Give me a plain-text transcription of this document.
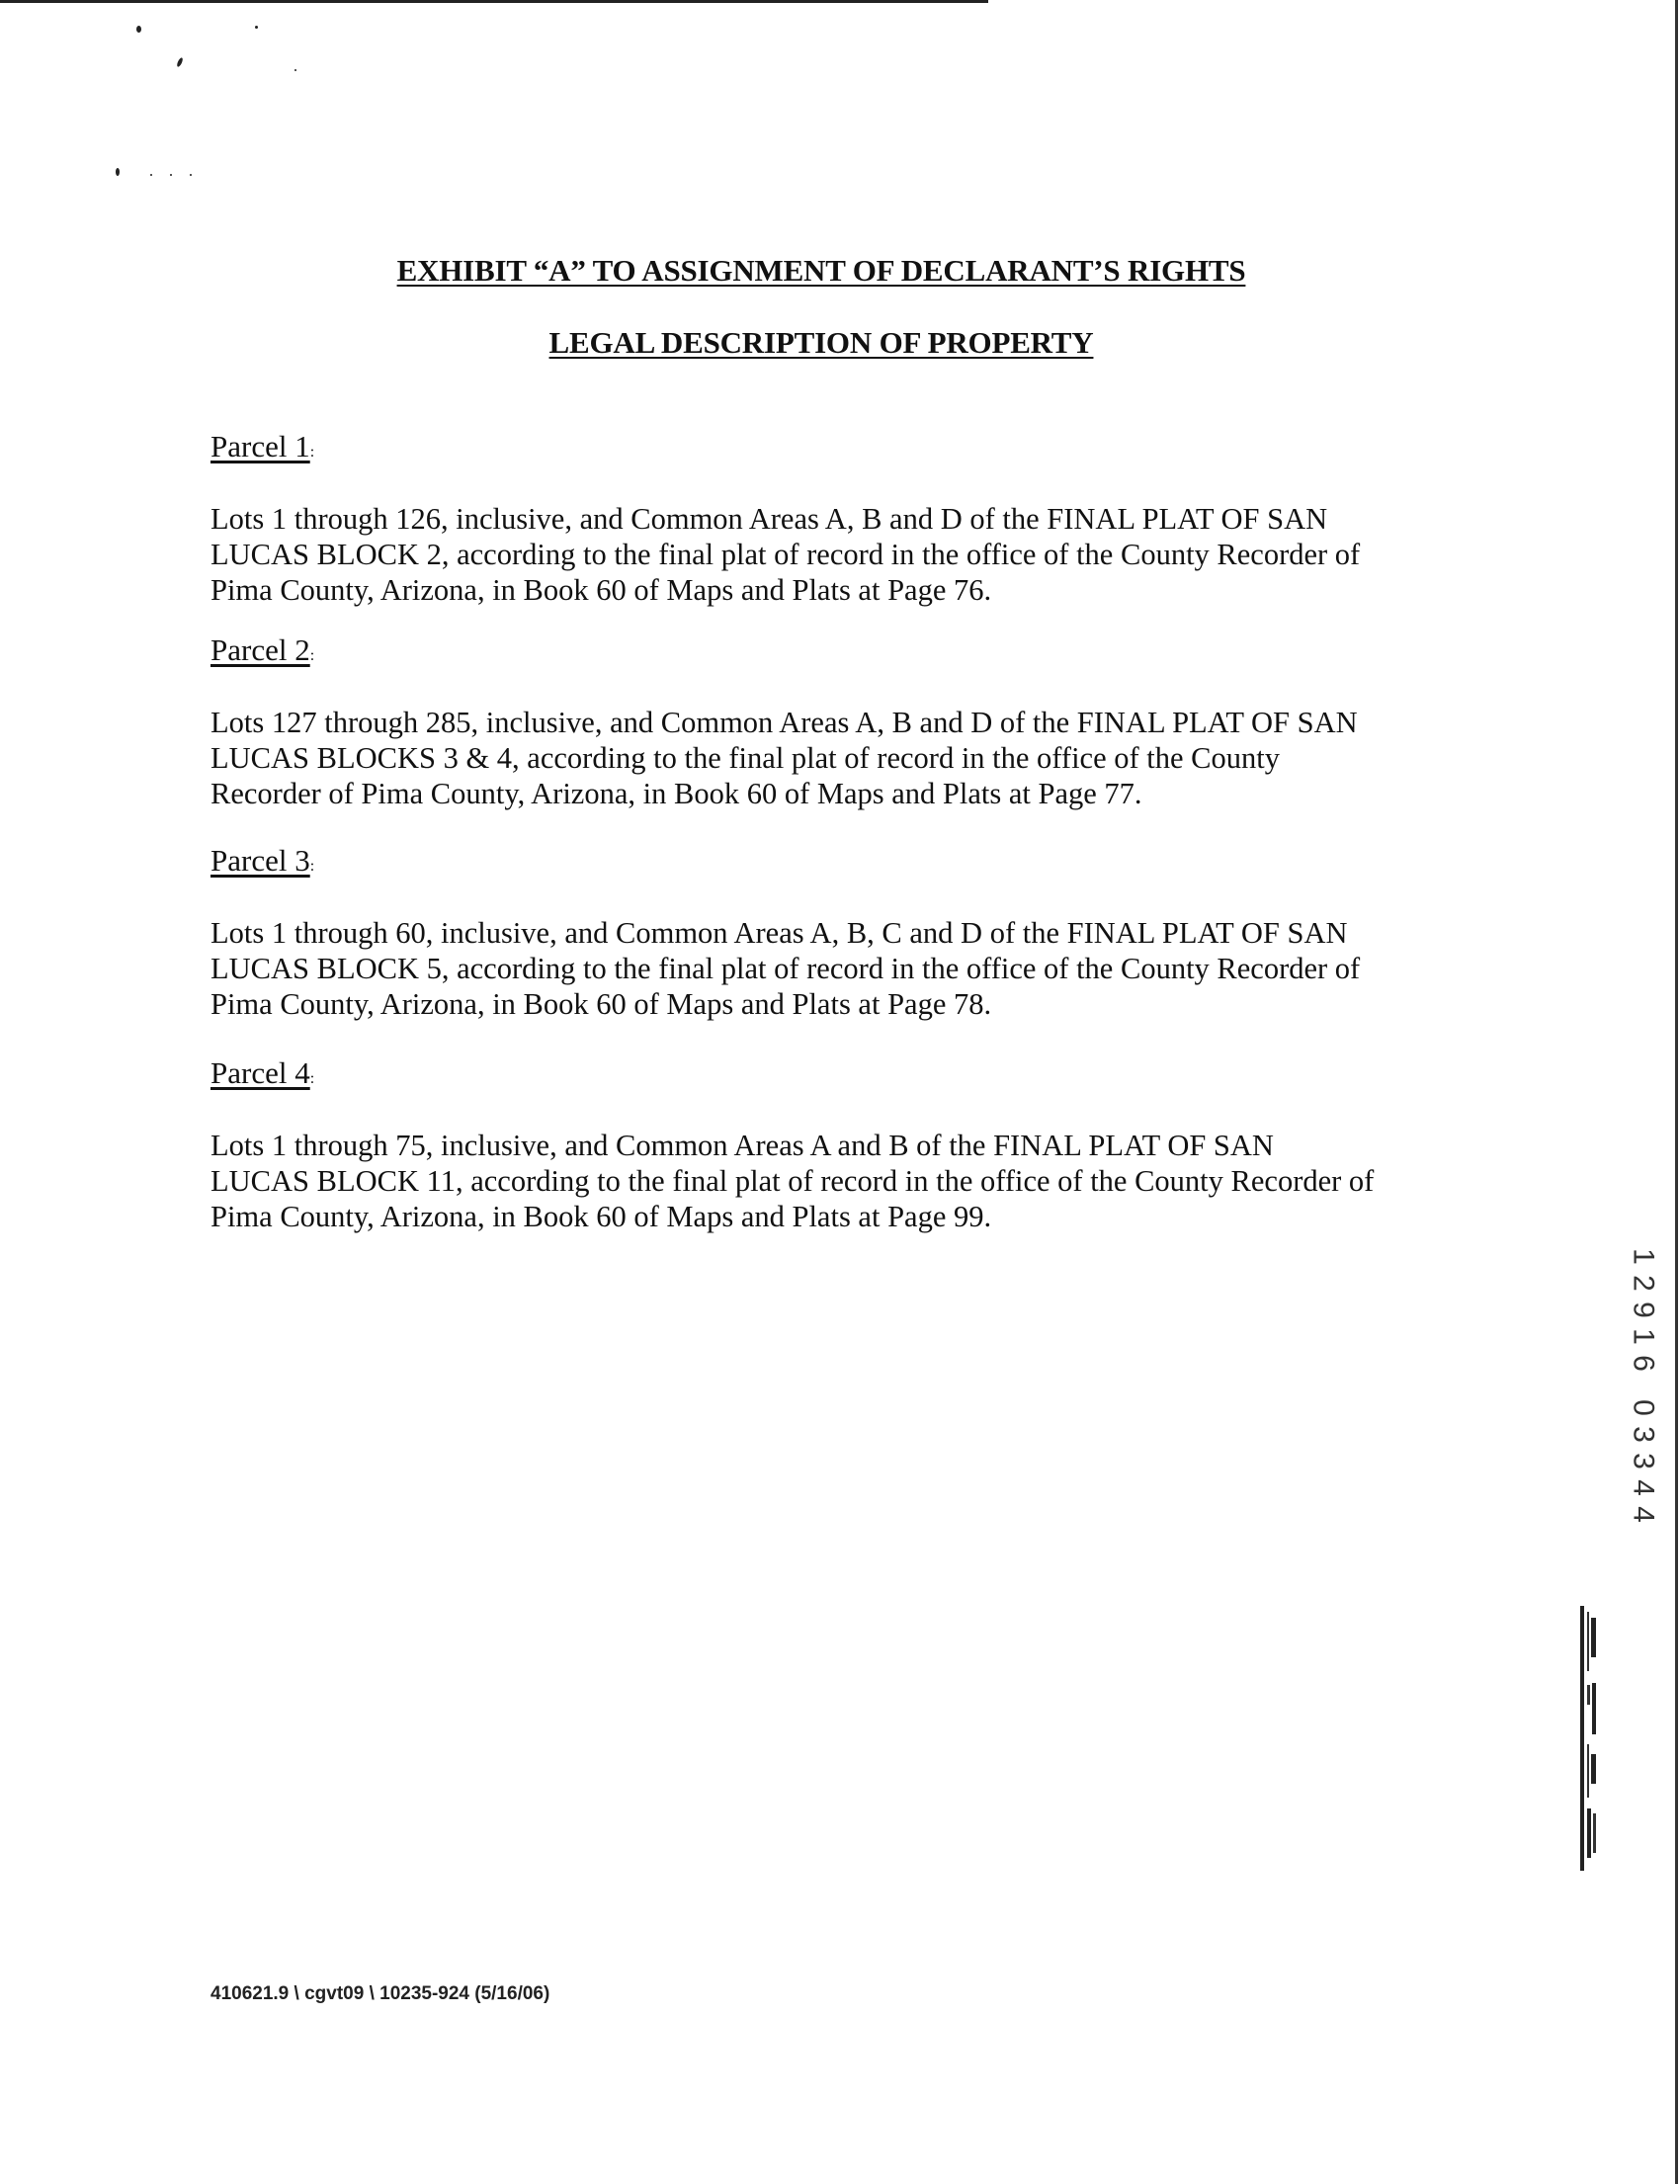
EXHIBIT “A” TO ASSIGNMENT OF DECLARANT’S RIGHTS
LEGAL DESCRIPTION OF PROPERTY
Parcel 1:
Lots 1 through 126, inclusive, and Common Areas A, B and D of the FINAL PLAT OF SAN
LUCAS BLOCK 2, according to the final plat of record in the office of the County Recorder of
Pima County, Arizona, in Book 60 of Maps and Plats at Page 76.
Parcel 2:
Lots 127 through 285, inclusive, and Common Areas A, B and D of the FINAL PLAT OF SAN
LUCAS BLOCKS 3 & 4, according to the final plat of record in the office of the County
Recorder of Pima County, Arizona, in Book 60 of Maps and Plats at Page 77.
Parcel 3:
Lots 1 through 60, inclusive, and Common Areas A, B, C and D of the FINAL PLAT OF SAN
LUCAS BLOCK 5, according to the final plat of record in the office of the County Recorder of
Pima County, Arizona, in Book 60 of Maps and Plats at Page 78.
Parcel 4:
Lots 1 through 75, inclusive, and Common Areas A and B of the FINAL PLAT OF SAN
LUCAS BLOCK 11, according to the final plat of record in the office of the County Recorder of
Pima County, Arizona, in Book 60 of Maps and Plats at Page 99.
1
2
9
1
6
0
3
3
4
4
410621.9 \ cgvt09 \ 10235-924 (5/16/06)
